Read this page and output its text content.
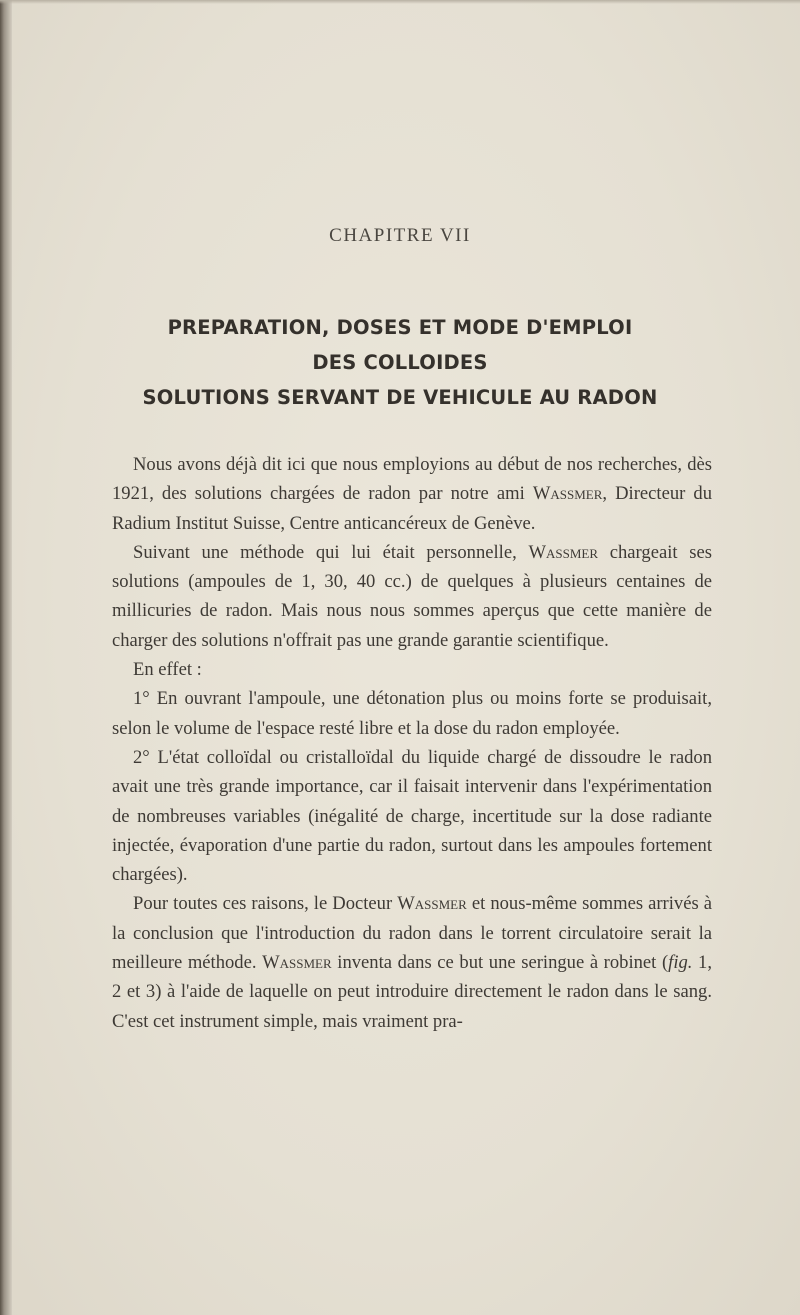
CHAPITRE VII
PREPARATION, DOSES ET MODE D'EMPLOI
DES COLLOIDES
SOLUTIONS SERVANT DE VEHICULE AU RADON

Nous avons déjà dit ici que nous employions au début de nos recherches, dès 1921, des solutions chargées de radon par notre ami Wassmer, Directeur du Radium Institut Suisse, Centre anticancéreux de Genève.

Suivant une méthode qui lui était personnelle, Wassmer chargeait ses solutions (ampoules de 1, 30, 40 cc.) de quelques à plusieurs centaines de millicuries de radon. Mais nous nous sommes aperçus que cette manière de charger des solutions n'offrait pas une grande garantie scientifique.

En effet :

1° En ouvrant l'ampoule, une détonation plus ou moins forte se produisait, selon le volume de l'espace resté libre et la dose du radon employée.

2° L'état colloïdal ou cristalloïdal du liquide chargé de dissoudre le radon avait une très grande importance, car il faisait intervenir dans l'expérimentation de nombreuses variables (inégalité de charge, incertitude sur la dose radiante injectée, évaporation d'une partie du radon, surtout dans les ampoules fortement chargées).

Pour toutes ces raisons, le Docteur Wassmer et nous-même sommes arrivés à la conclusion que l'introduction du radon dans le torrent circulatoire serait la meilleure méthode. Wassmer inventa dans ce but une seringue à robinet (fig. 1, 2 et 3) à l'aide de laquelle on peut introduire directement le radon dans le sang. C'est cet instrument simple, mais vraiment pra-
